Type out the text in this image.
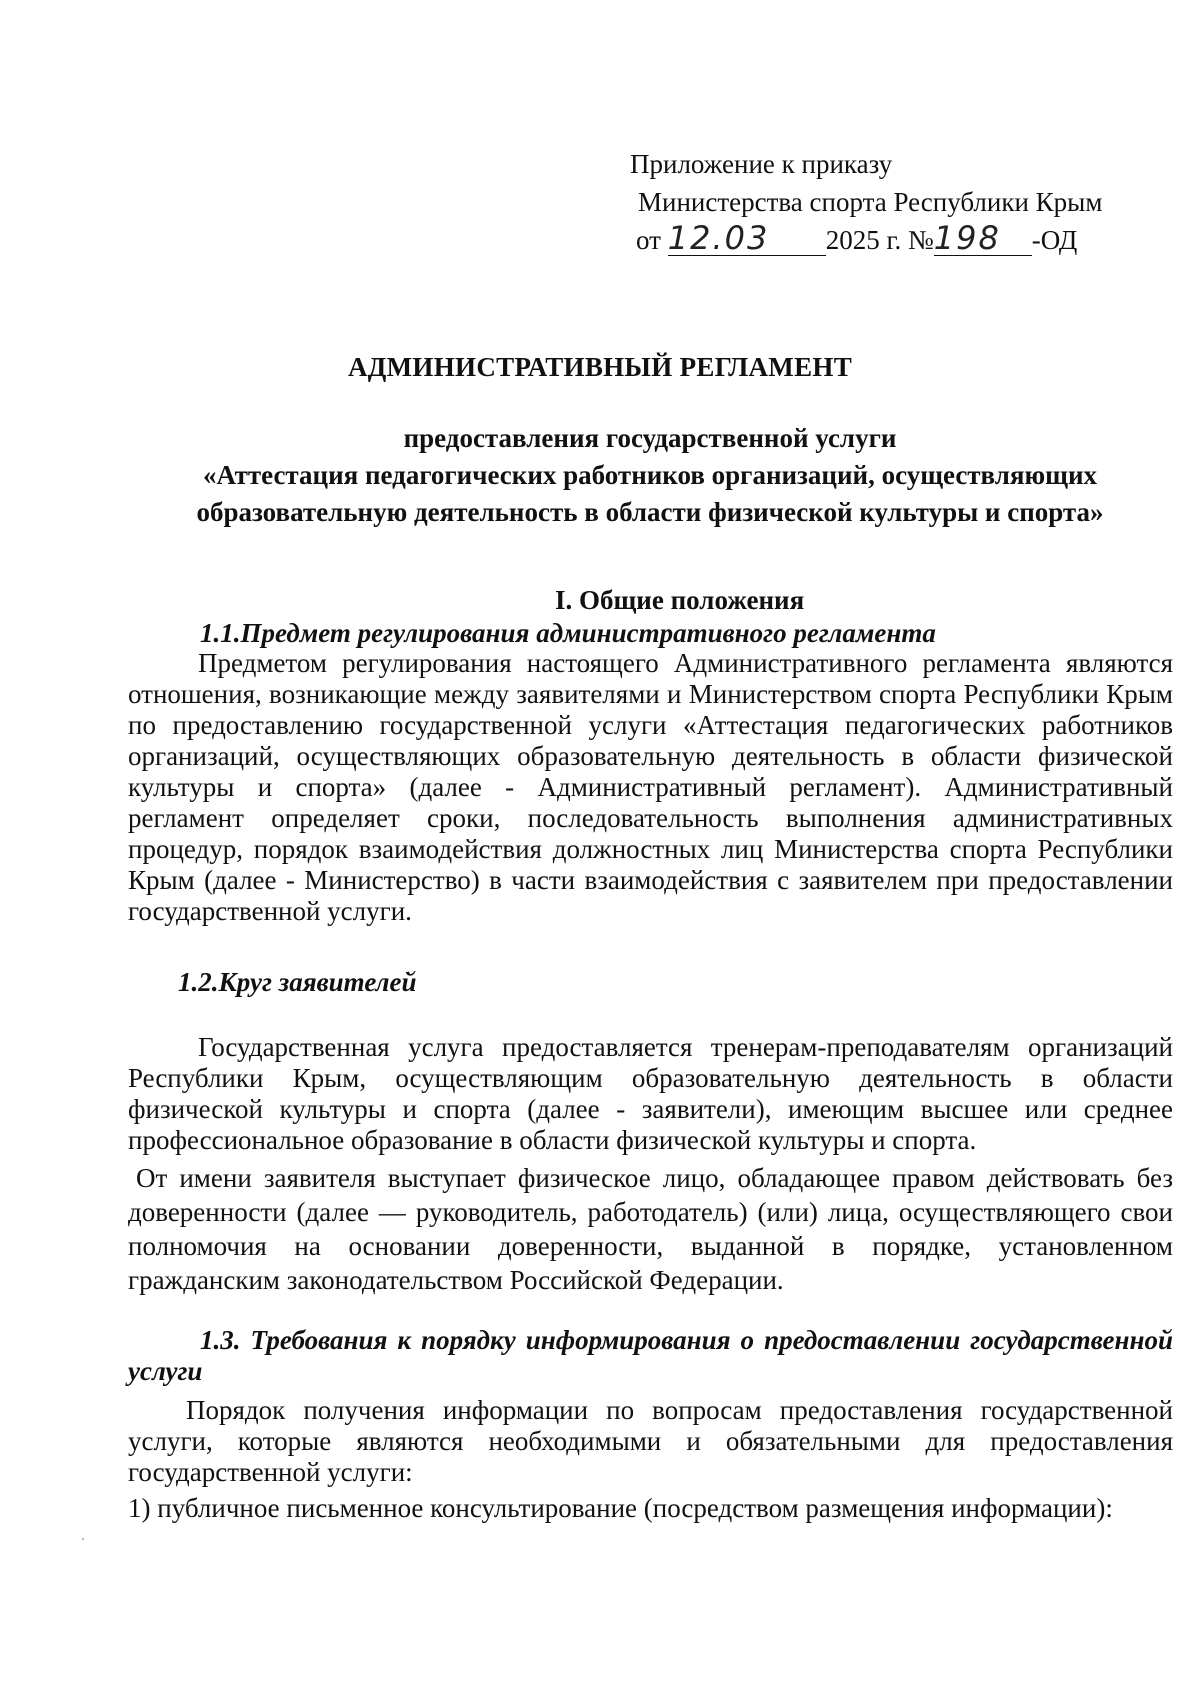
Приложение к приказу
Министерства спорта Республики Крым
от 12.03 2025 г. №198 -ОД
АДМИНИСТРАТИВНЫЙ РЕГЛАМЕНТ
предоставления государственной услуги
«Аттестация педагогических работников организаций, осуществляющих
образовательную деятельность в области физической культуры и спорта»
I. Общие положения
1.1.Предмет регулирования административного регламента

Предметом регулирования настоящего Административного регламента являются отношения, возникающие между заявителями и Министерством спорта Республики Крым по предоставлению государственной услуги «Аттестация педагогических работников организаций, осуществляющих образовательную деятельность в области физической культуры и спорта» (далее - Административный регламент). Административный регламент определяет сроки, последовательность выполнения административных процедур, порядок взаимодействия должностных лиц Министерства спорта Республики Крым (далее - Министерство) в части взаимодействия с заявителем при предоставлении государственной услуги.

1.2.Круг заявителей

Государственная услуга предоставляется тренерам-преподавателям организаций Республики Крым, осуществляющим образовательную деятельность в области физической культуры и спорта (далее - заявители), имеющим высшее или среднее профессиональное образование в области физической культуры и спорта.

От имени заявителя выступает физическое лицо, обладающее правом действовать без доверенности (далее — руководитель, работодатель) (или) лица, осуществляющего свои полномочия на основании доверенности, выданной в порядке, установленном гражданским законодательством Российской Федерации.

1.3. Требования к порядку информирования о предоставлении государственной услуги

Порядок получения информации по вопросам предоставления государственной услуги, которые являются необходимыми и обязательными для предоставления государственной услуги:

1) публичное письменное консультирование (посредством размещения информации):
